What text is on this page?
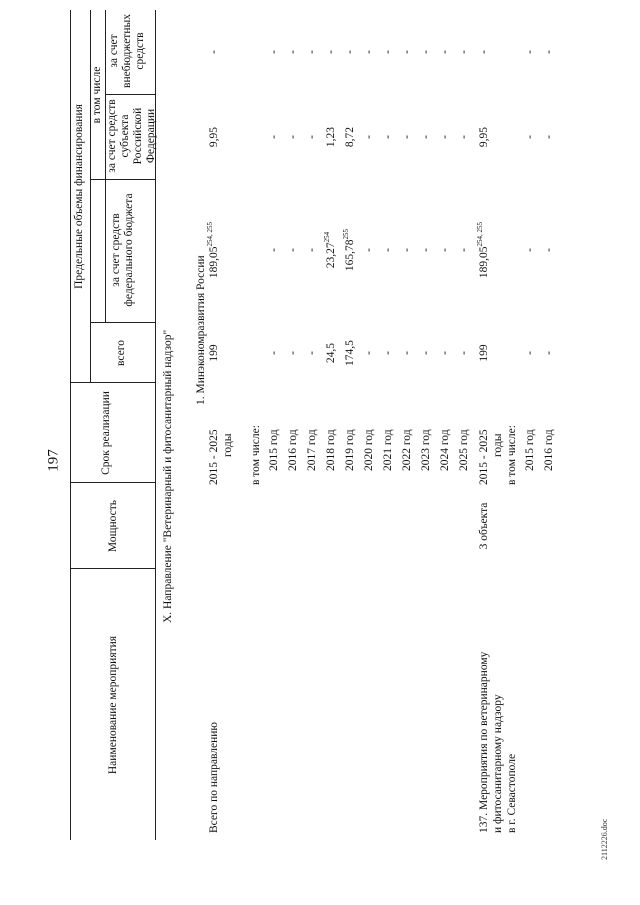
197
2112226.doc
Наименование мероприятия
Мощность
Срок реализации
Предельные объемы финансирования
всего
в том числе
за счет средств федерального бюджета
за счет средств субъекта Российской Федерации
за счет внебюджетных средств
X. Направление "Ветеринарный и фитосанитарный надзор" 1. Минэкономразвития России
Всего по направлению
2015 - 2025
199
189,05$^{254, 255}$
9,95
-
годы в том числе: 2015 год
-
-
-
-
2016 год
-
-
-
-
2017 год
-
-
-
-
2018 год
24,5
23,27$^{254}$
1,23
-
2019 год
174,5
165,78$^{255}$
8,72
-
2020 год
-
-
-
-
2021 год
-
-
-
-
2022 год
-
-
-
-
2023 год
-
-
-
-
2024 год
-
-
-
-
2025 год
-
-
-
-
137. Мероприятия по ветеринарному
3 объекта
2015 - 2025
199
189,05$^{254, 255}$
9,95
-
и фитосанитарному надзору
годы
в г. Севастополе
в том числе: 2015 год
-
-
-
-
2016 год
-
-
-
-
